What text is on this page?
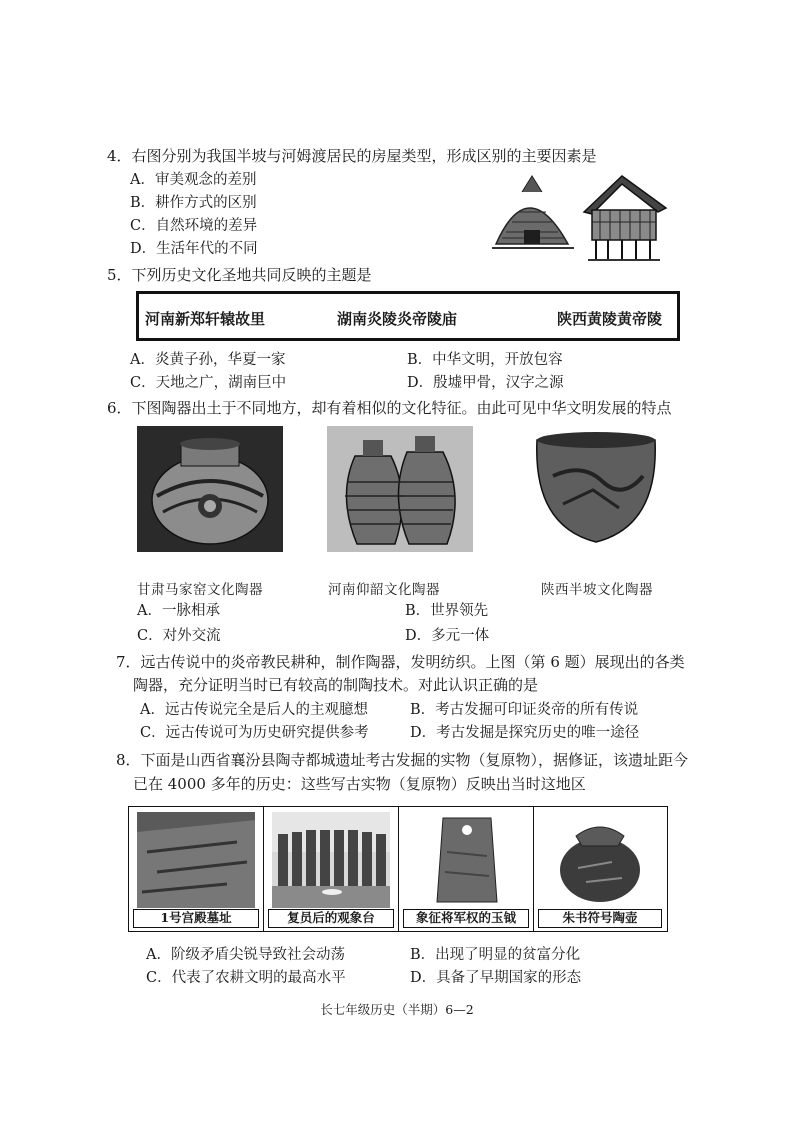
4．右图分别为我国半坡与河姆渡居民的房屋类型，形成区别的主要因素是
A．审美观念的差别
B．耕作方式的区别
C．自然环境的差异
D．生活年代的不同
5．下列历史文化圣地共同反映的主题是
河南新郑轩辕故里	湖南炎陵炎帝陵庙	陕西黄陵黄帝陵
A．炎黄子孙，华夏一家	B．中华文明，开放包容
C．天地之广，湖南巨中	D．殷墟甲骨，汉字之源
6．下图陶器出土于不同地方，却有着相似的文化特征。由此可见中华文明发展的特点
甘肃马家窑文化陶器	河南仰韶文化陶器	陕西半坡文化陶器
A．一脉相承	B．世界领先
C．对外交流	D．多元一体
7．远古传说中的炎帝教民耕种，制作陶器，发明纺织。上图（第 6 题）展现出的各类
陶器，充分证明当时已有较高的制陶技术。对此认识正确的是
A．远古传说完全是后人的主观臆想	B．考古发掘可印证炎帝的所有传说
C．远古传说可为历史研究提供参考	D．考古发掘是探究历史的唯一途径
8．下面是山西省襄汾县陶寺都城遗址考古发掘的实物（复原物），据修证，该遗址距今
已在 4000 多年的历史：这些写古实物（复原物）反映出当时这地区
1号宫殿墓址	复员后的观象台	象征将军权的玉钺	朱书符号陶壶
A．阶级矛盾尖锐导致社会动荡	B．出现了明显的贫富分化
C．代表了农耕文明的最高水平	D．具备了早期国家的形态
长七年级历史（半期）6—2
